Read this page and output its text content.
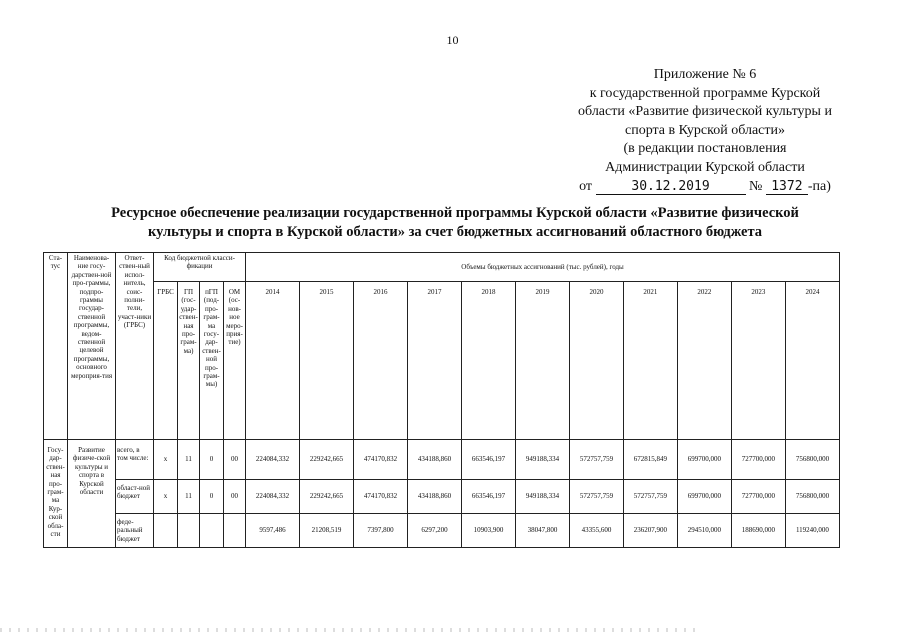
10
Приложение № 6
к государственной программе Курской
области «Развитие физической культуры и
спорта в Курской области»
(в редакции постановления
Администрации Курской области
от	30.12.2019	№ 1372 -па)
Ресурсное обеспечение реализации государственной программы Курской области «Развитие физической
культуры и спорта в Курской области» за счет бюджетных ассигнований областного бюджета
Ста-тус	Наименова-ние госу-дарствен-ной про-граммы, подпро-граммы государ-ственной программы, ведом-ственной целевой программы, основного мероприя-тия	Ответ-ствен-ный испол-нитель, соис-полни-тели, участ-ники (ГРБС)	Код бюджетной класси-фикации				Объемы бюджетных ассигнований (тыс. рублей), годы										
			ГРБС	ГП (гос-удар-ствен-ная про-грам-ма)	пГП (под-про-грам-ма госу-дар-ствен-ной про-грам-мы)	ОМ (ос-нов-ное меро-прия-тие)	2014	2015	2016	2017	2018	2019	2020	2021	2022	2023	2024

Госу-дар-ствен-ная про-грам-ма Кур-ской обла-сти	Развитие физиче-ской культуры и спорта в Курской области	всего, в том числе:	x	11	0	00	224084,332	229242,665	474170,832	434188,860	663546,197	949188,334	572757,759	672815,849	699700,000	727700,000	756800,000
		област-ной бюджет	x	11	0	00	224084,332	229242,665	474170,832	434188,860	663546,197	949188,334	572757,759	572757,759	699700,000	727700,000	756800,000
		феде-ральный бюджет					9597,486	21208,519	7397,800	6297,200	10903,900	38047,800	43355,600	236207,900	294510,000	188690,000	119240,000
